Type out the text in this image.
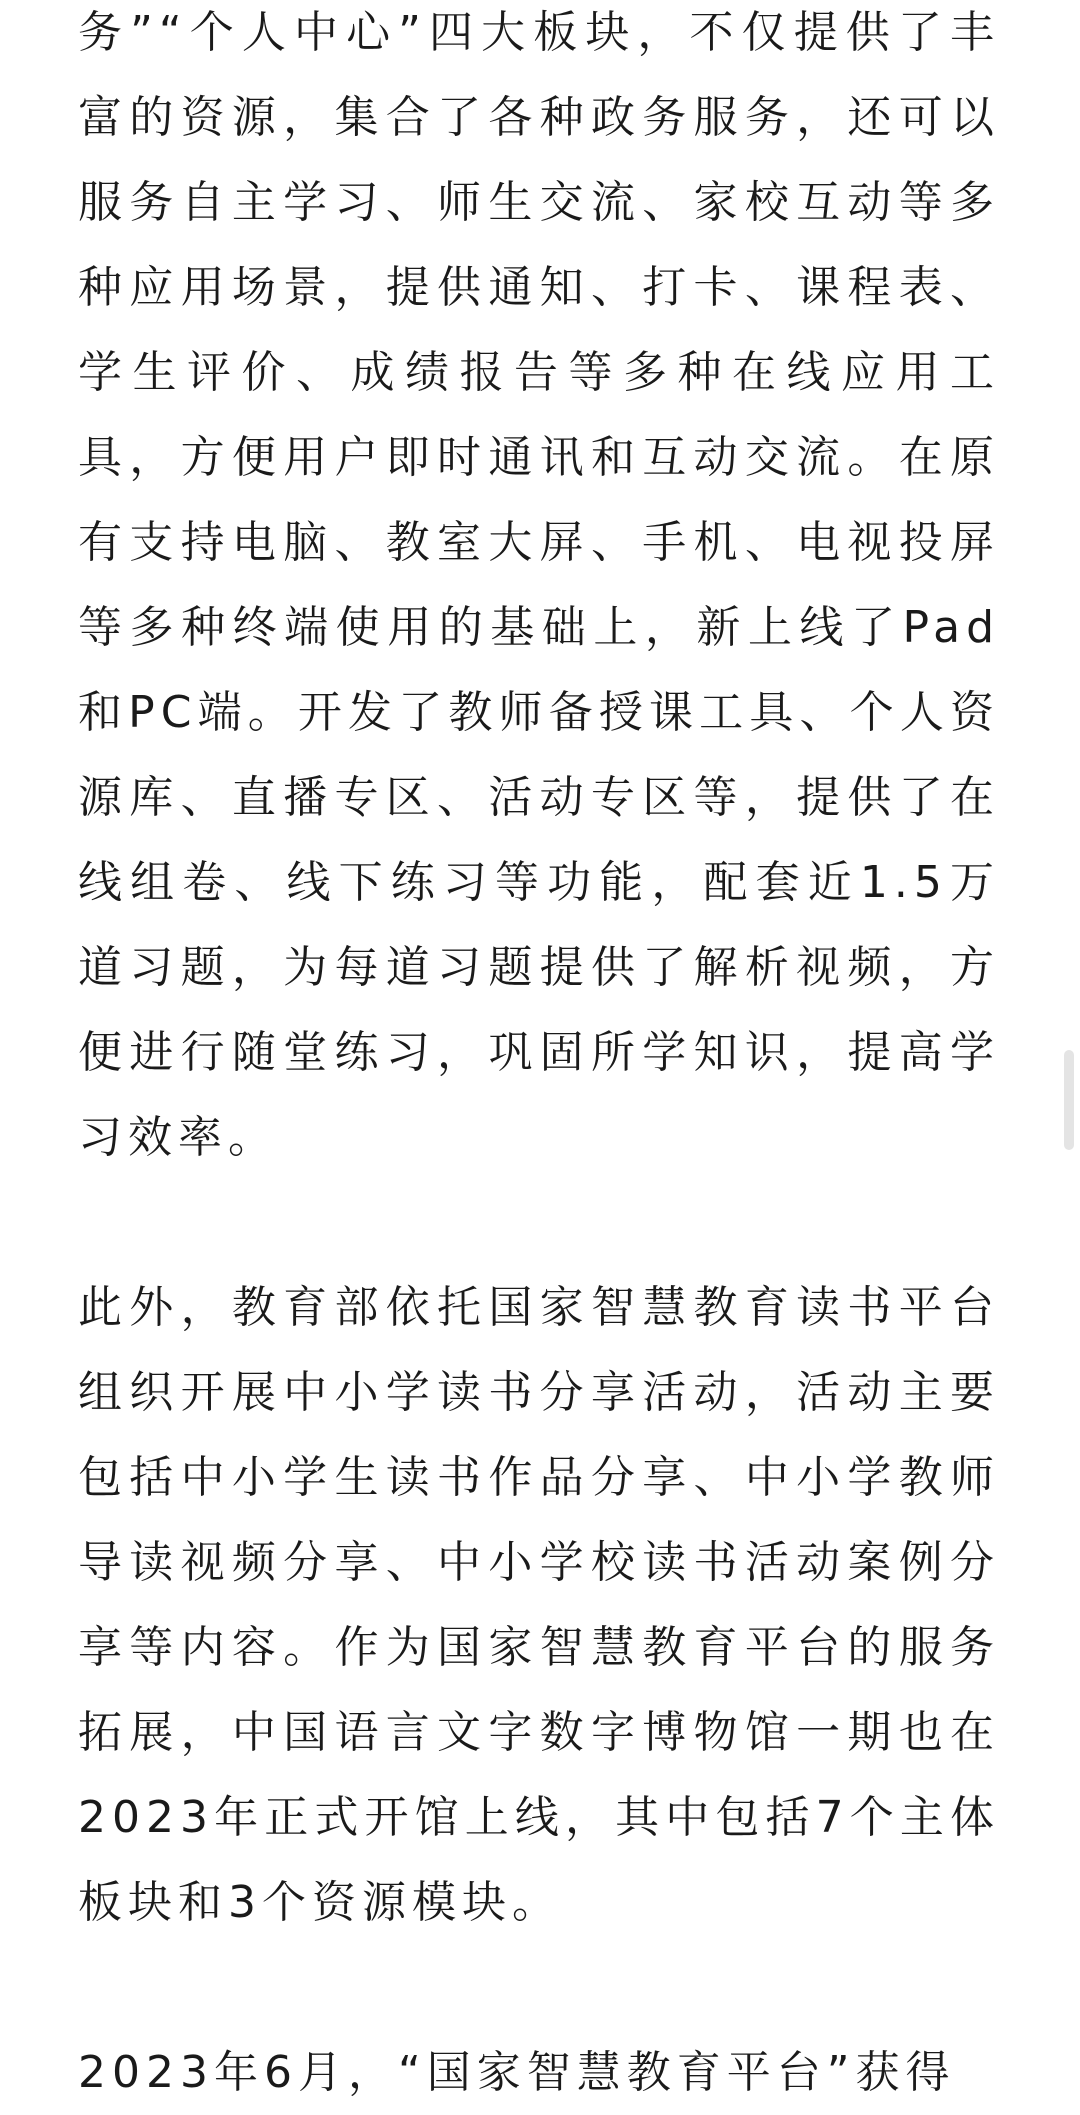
务”“个人中心”四大板块，不仅提供了丰富的资源，集合了各种政务服务，还可以服务自主学习、师生交流、家校互动等多种应用场景，提供通知、打卡、课程表、学生评价、成绩报告等多种在线应用工具，方便用户即时通讯和互动交流。在原有支持电脑、教室大屏、手机、电视投屏等多种终端使用的基础上，新上线了Pad和PC端。开发了教师备授课工具、个人资源库、直播专区、活动专区等，提供了在线组卷、线下练习等功能，配套近1.5万道习题，为每道习题提供了解析视频，方便进行随堂练习，巩固所学知识，提高学习效率。

此外，教育部依托国家智慧教育读书平台组织开展中小学读书分享活动，活动主要包括中小学生读书作品分享、中小学教师导读视频分享、中小学校读书活动案例分享等内容。作为国家智慧教育平台的服务拓展，中国语言文字数字博物馆一期也在2023年正式开馆上线，其中包括7个主体板块和3个资源模块。

2023年6月，“国家智慧教育平台”获得
